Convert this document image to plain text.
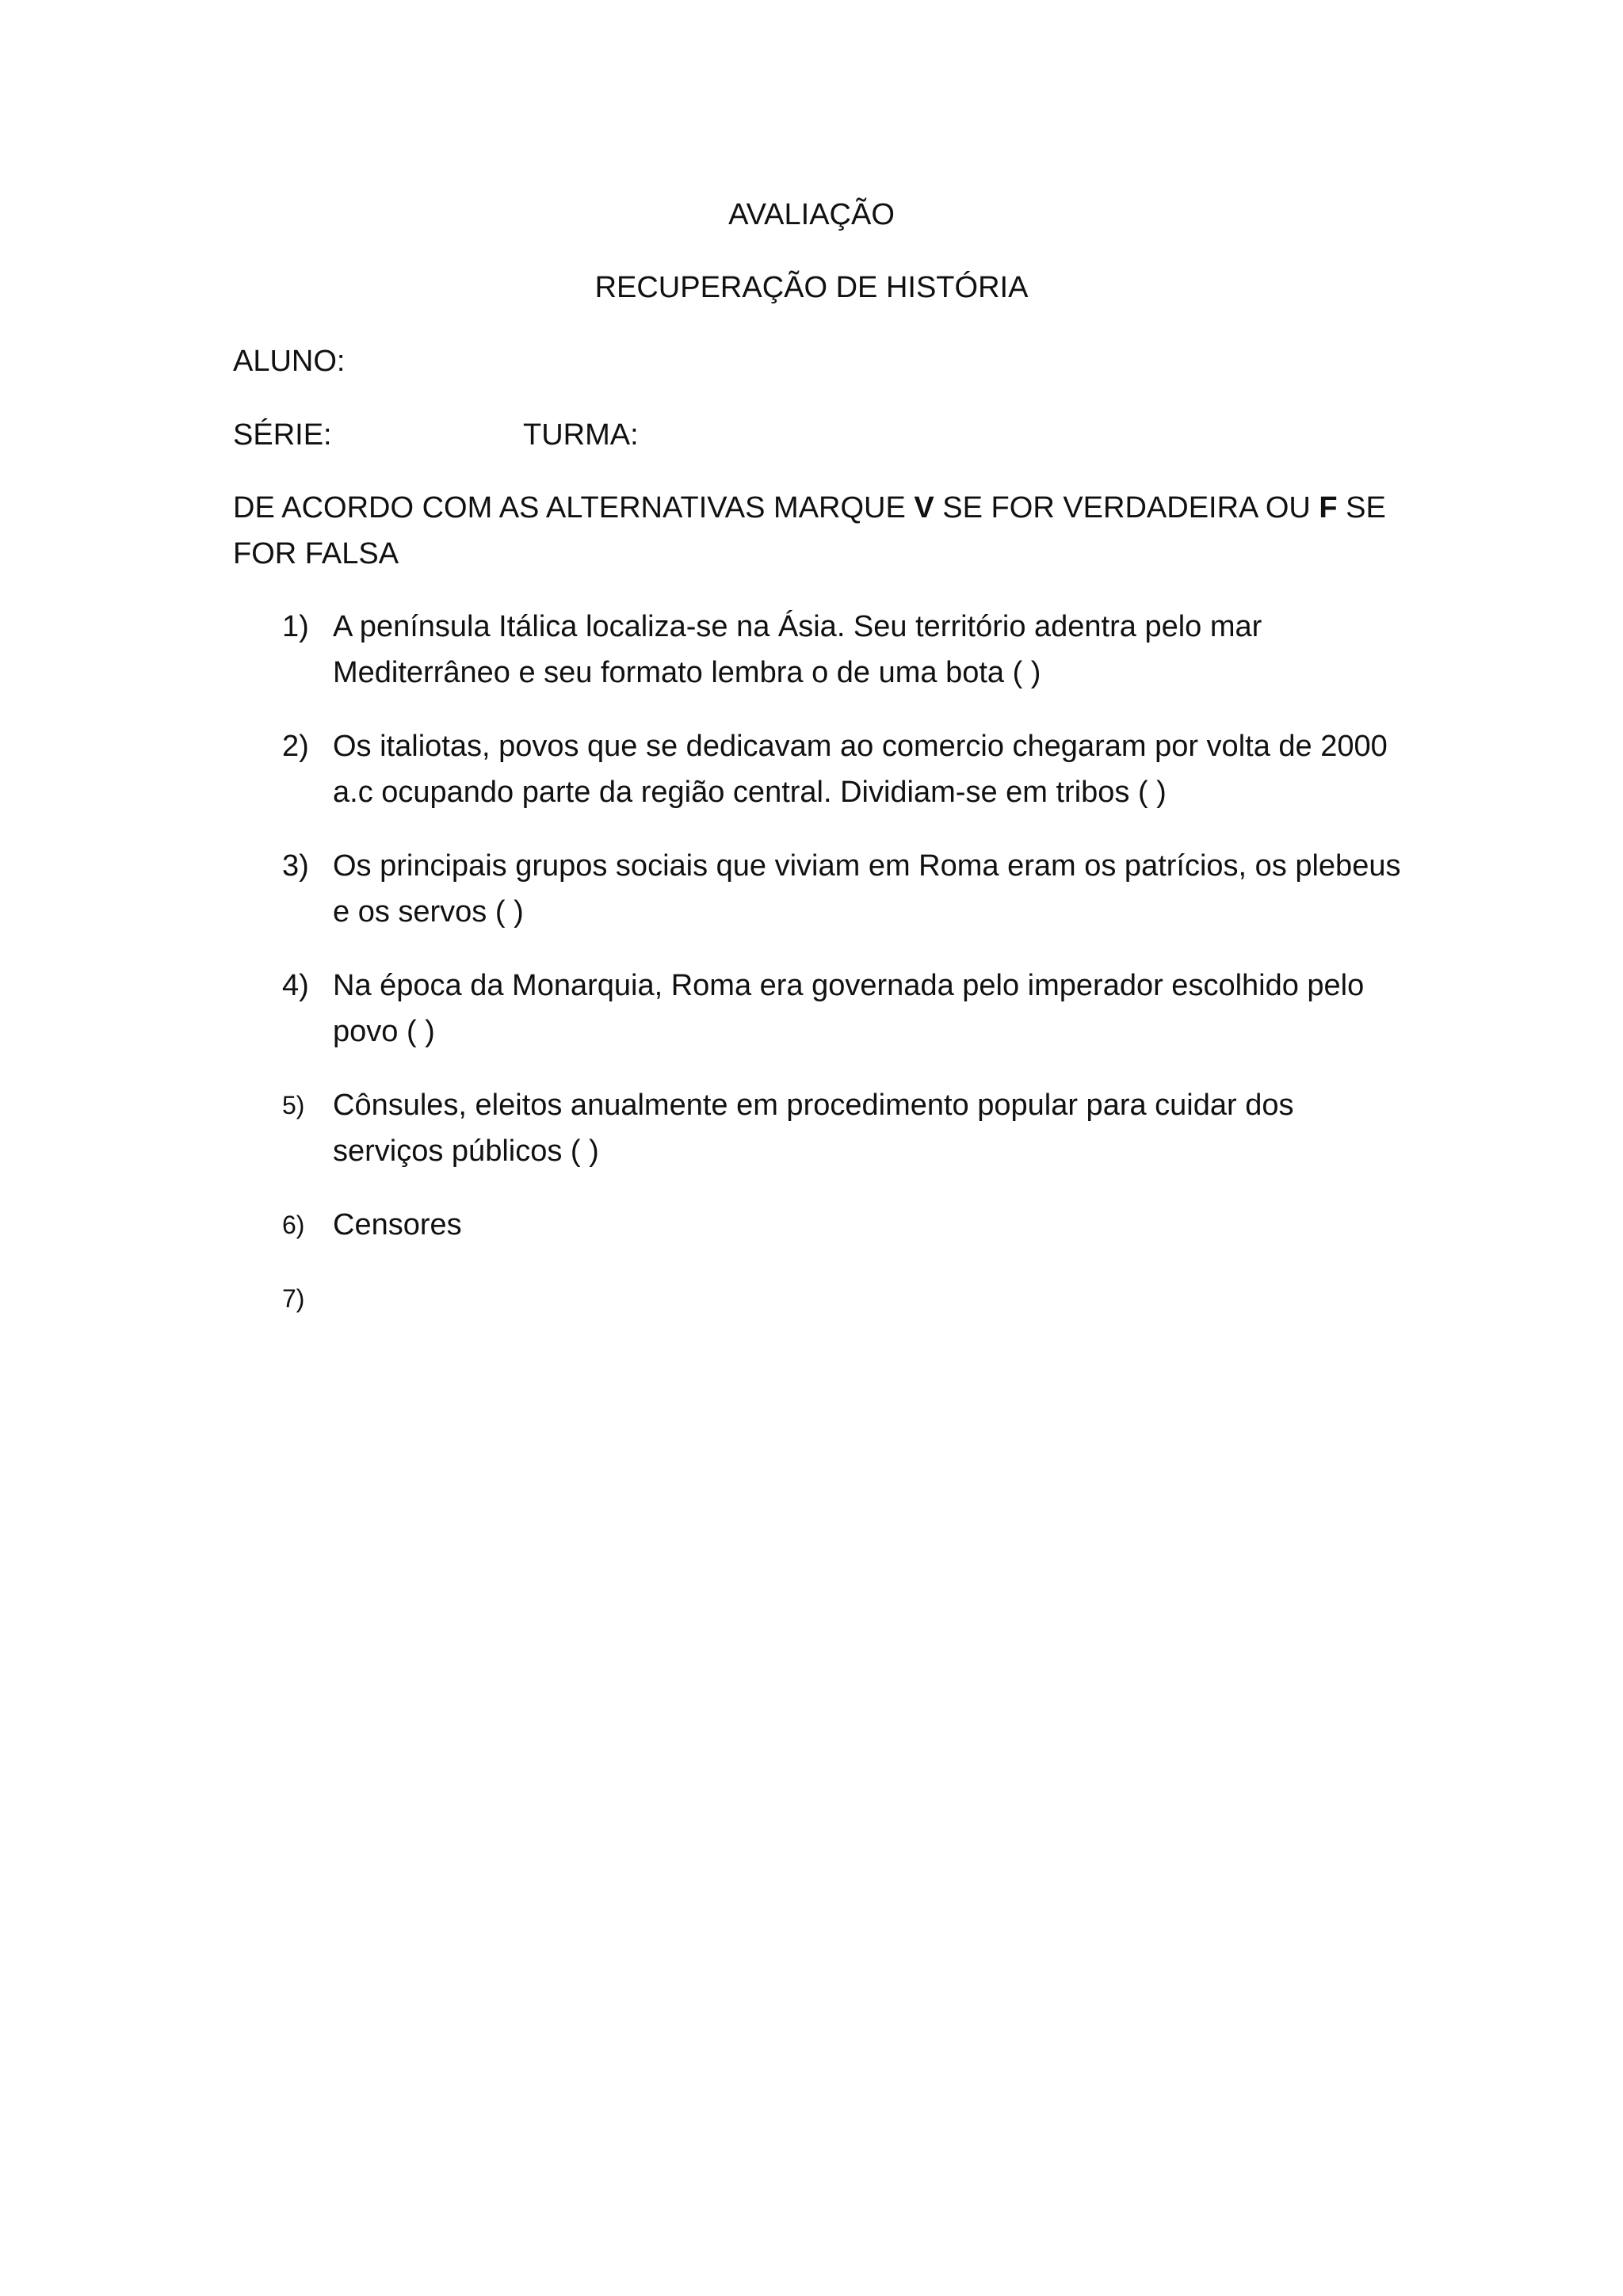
AVALIAÇÃO
RECUPERAÇÃO DE HISTÓRIA
ALUNO:
SÉRIE:	TURMA:
DE ACORDO COM AS ALTERNATIVAS MARQUE V SE FOR VERDADEIRA OU F SE FOR FALSA
1) A península Itálica localiza-se na Ásia. Seu território adentra pelo mar Mediterrâneo e seu formato lembra o de uma bota ( )
2) Os italiotas, povos que se dedicavam ao comercio chegaram por volta de 2000 a.c ocupando parte da região central. Dividiam-se em tribos ( )
3) Os principais grupos sociais que viviam em Roma eram os patrícios, os plebeus e os servos ( )
4) Na época da Monarquia, Roma era governada pelo imperador escolhido pelo povo ( )
5) Cônsules, eleitos anualmente em procedimento popular para cuidar dos serviços públicos ( )
6) Censores
7)
